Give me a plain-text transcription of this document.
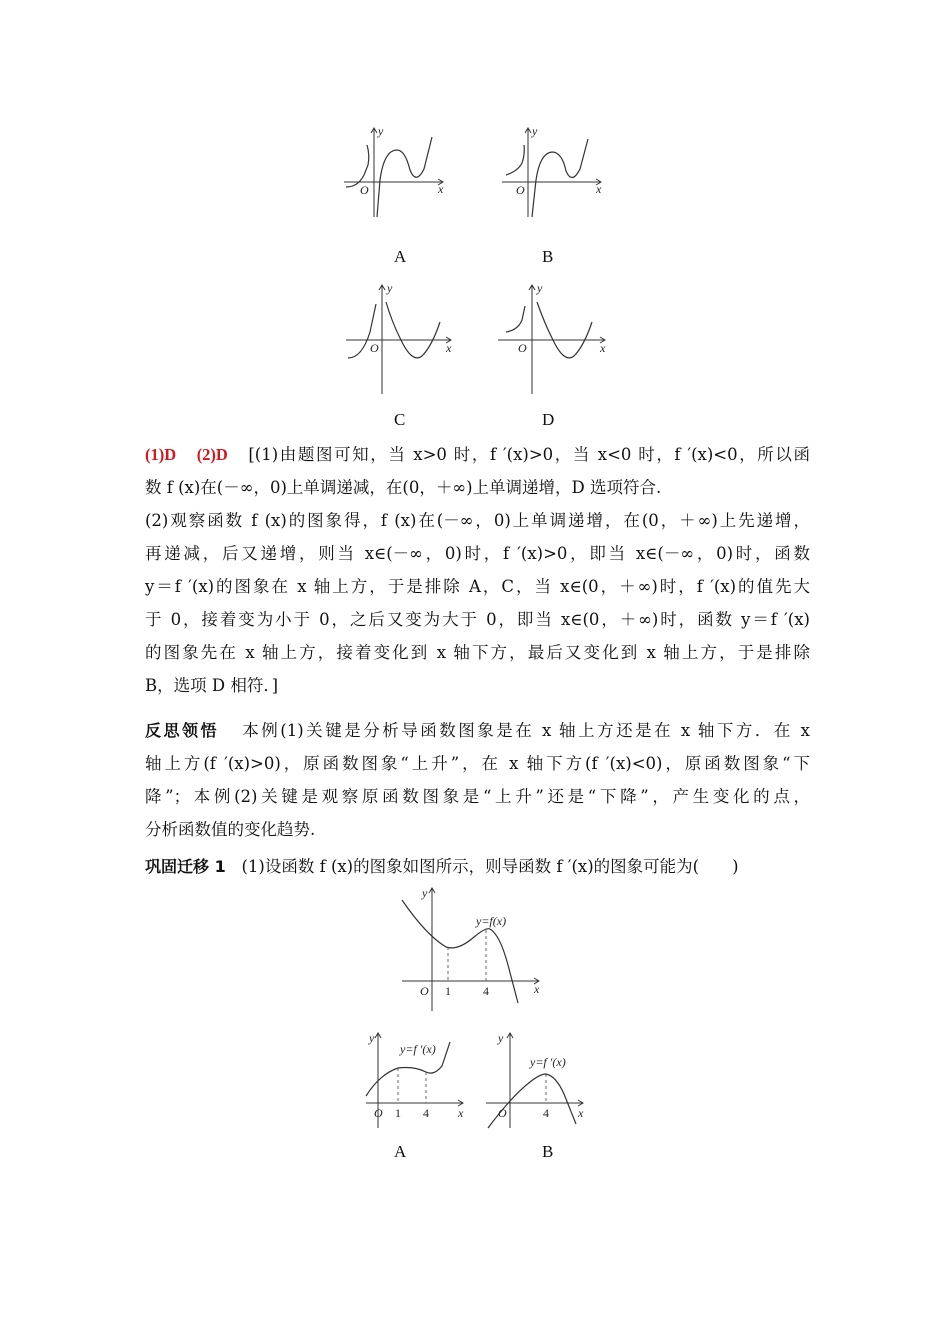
y
x
O
A
y
x
O
B
y
x
O
C
y
x
O
D
(1)D (2)D [(1)由题图可知，当 x>0 时，f ′(x)>0，当 x<0 时，f ′(x)<0，所以函
数 f (x)在(－∞，0)上单调递减，在(0，＋∞)上单调递增，D 选项符合.
(2)观察函数 f (x)的图象得，f (x)在(－∞，0)上单调递增，在(0，＋∞)上先递增，
再递减，后又递增，则当 x∈(－∞，0)时，f ′(x)>0，即当 x∈(－∞，0)时，函数
y＝f ′(x)的图象在 x 轴上方，于是排除 A，C，当 x∈(0，＋∞)时，f ′(x)的值先大
于 0，接着变为小于 0，之后又变为大于 0，即当 x∈(0，＋∞)时，函数 y＝f ′(x)
的图象先在 x 轴上方，接着变化到 x 轴下方，最后又变化到 x 轴上方，于是排除
B，选项 D 相符．]
反思领悟 本例(1)关键是分析导函数图象是在 x 轴上方还是在 x 轴下方．在 x
轴上方(f ′(x)>0)，原函数图象“上升”，在 x 轴下方(f ′(x)<0)，原函数图象“下
降”；本例(2)关键是观察原函数图象是“上升”还是“下降”，产生变化的点，
分析函数值的变化趋势.
巩固迁移 1 (1)设函数 f (x)的图象如图所示，则导函数 f ′(x)的图象可能为(　　)
y=f(x)
y
x
O 1	4
y=f ′(x)
O 1 4
y
x
A
y=f ′(x)
O	4
y
x
B
